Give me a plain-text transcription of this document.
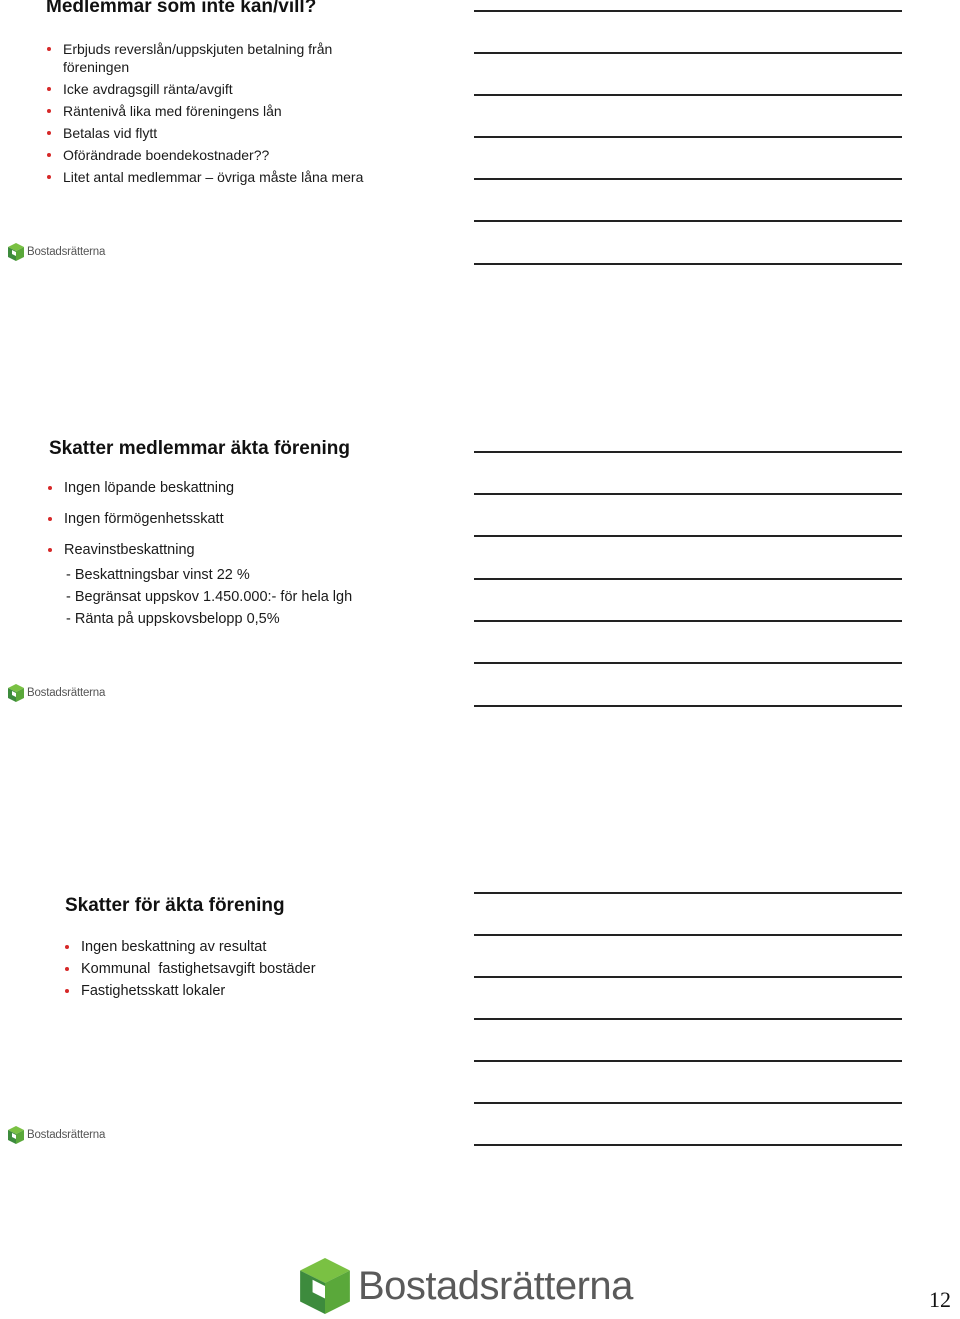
Medlemmar som inte kan/vill?
Erbjuds reverslån/uppskjuten betalning från föreningen
Icke avdragsgill ränta/avgift
Räntenivå lika med föreningens lån
Betalas vid flytt
Oförändrade boendekostnader??
Litet antal medlemmar – övriga måste låna mera
Bostadsrätterna
Skatter medlemmar äkta förening
Ingen löpande beskattning
Ingen förmögenhetsskatt
Reavinstbeskattning
- Beskattningsbar vinst 22 %
- Begränsat uppskov 1.450.000:- för hela lgh
- Ränta på uppskovsbelopp 0,5%
Bostadsrätterna
Skatter för äkta förening
Ingen beskattning av resultat
Kommunal  fastighetsavgift bostäder
Fastighetsskatt lokaler
Bostadsrätterna
Bostadsrätterna	12
